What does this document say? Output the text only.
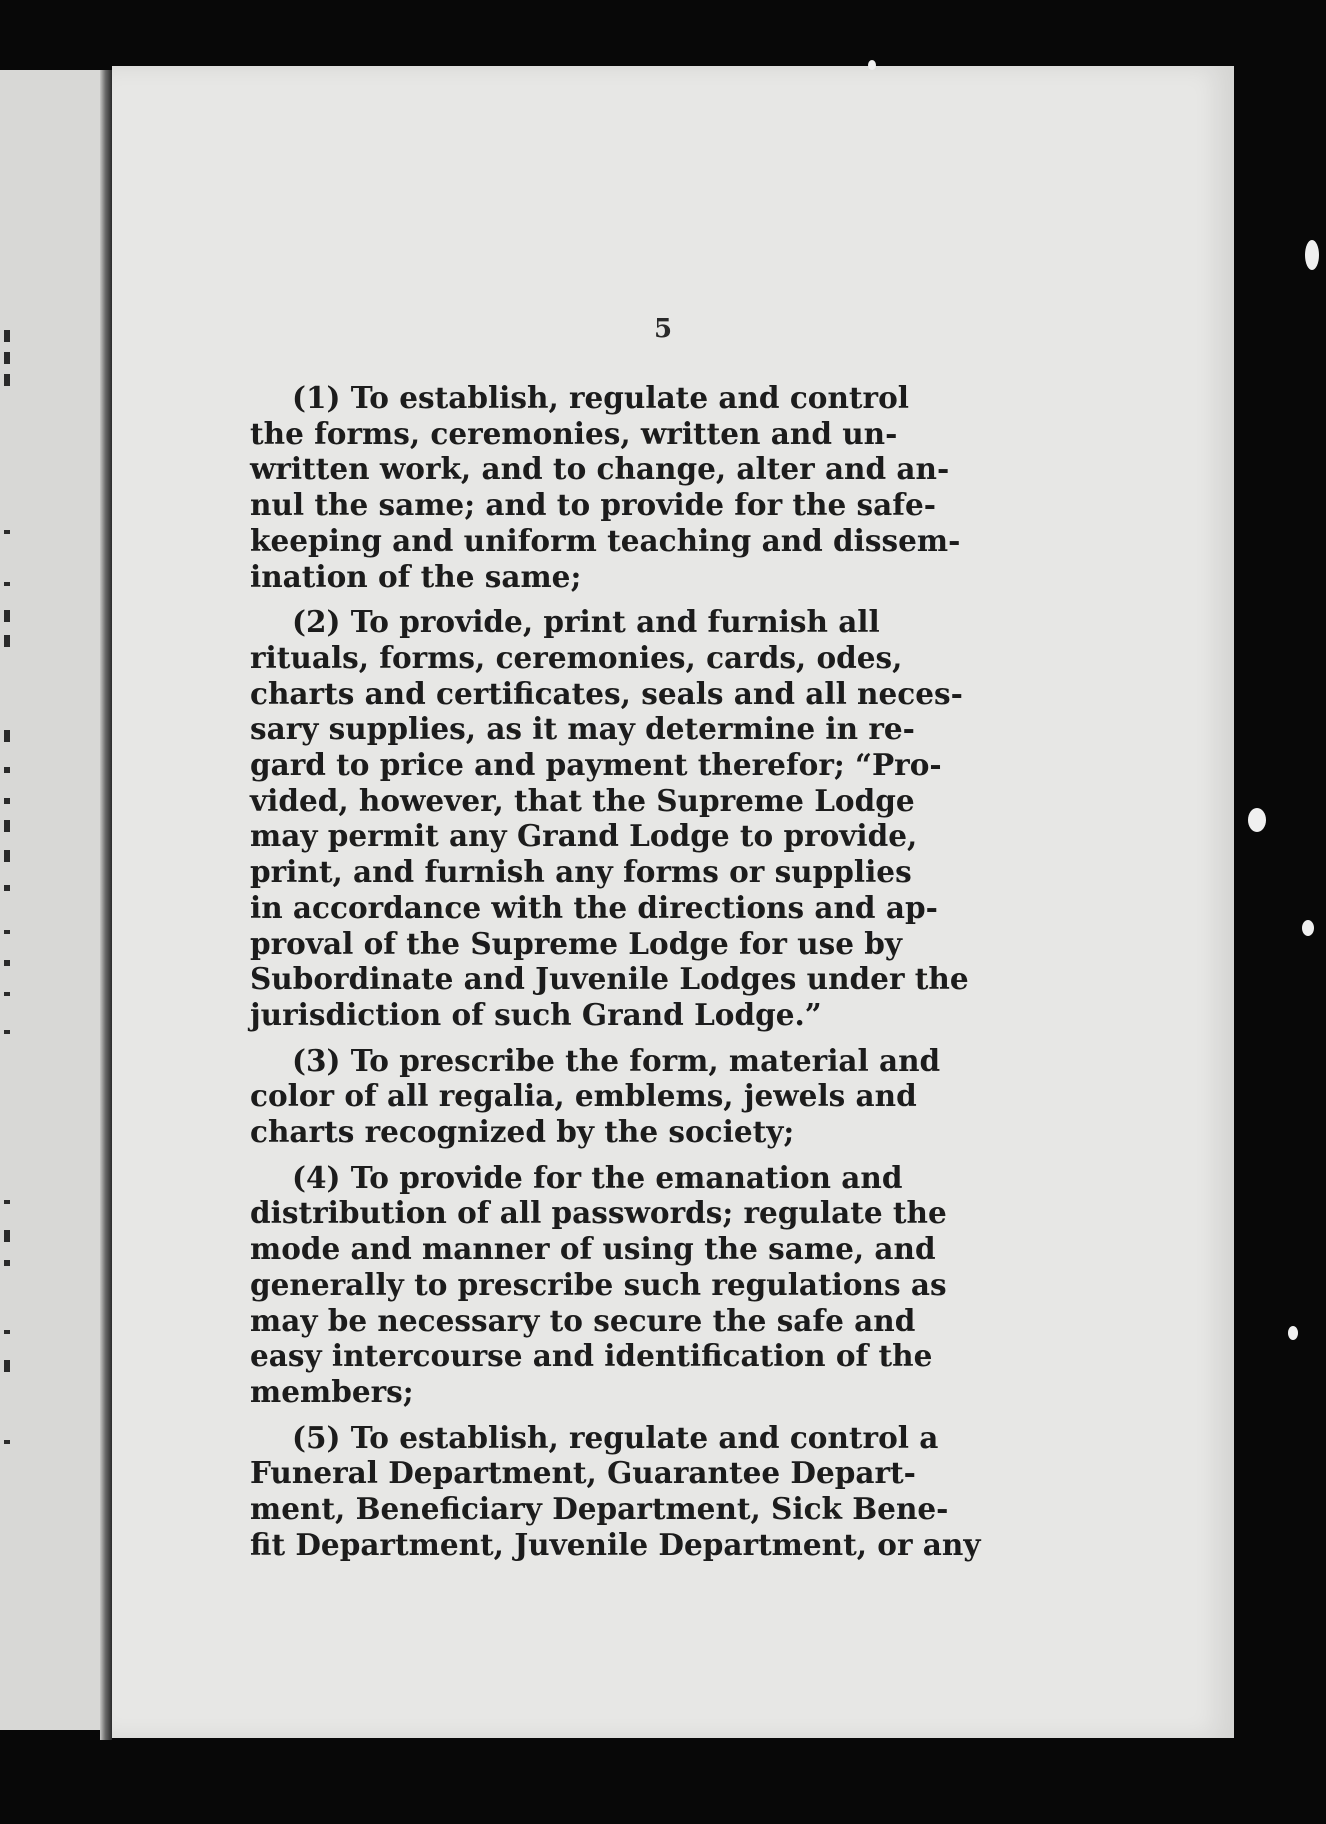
5

(1) To establish, regulate and control
the forms, ceremonies, written and un-
written work, and to change, alter and an-
nul the same; and to provide for the safe-
keeping and uniform teaching and dissem-
ination of the same;

(2) To provide, print and furnish all
rituals, forms, ceremonies, cards, odes,
charts and certificates, seals and all neces-
sary supplies, as it may determine in re-
gard to price and payment therefor; “Pro-
vided, however, that the Supreme Lodge
may permit any Grand Lodge to provide,
print, and furnish any forms or supplies
in accordance with the directions and ap-
proval of the Supreme Lodge for use by
Subordinate and Juvenile Lodges under the
jurisdiction of such Grand Lodge.”

(3) To prescribe the form, material and
color of all regalia, emblems, jewels and
charts recognized by the society;

(4) To provide for the emanation and
distribution of all passwords; regulate the
mode and manner of using the same, and
generally to prescribe such regulations as
may be necessary to secure the safe and
easy intercourse and identification of the
members;

(5) To establish, regulate and control a
Funeral Department, Guarantee Depart-
ment, Beneficiary Department, Sick Bene-
fit Department, Juvenile Department, or any
